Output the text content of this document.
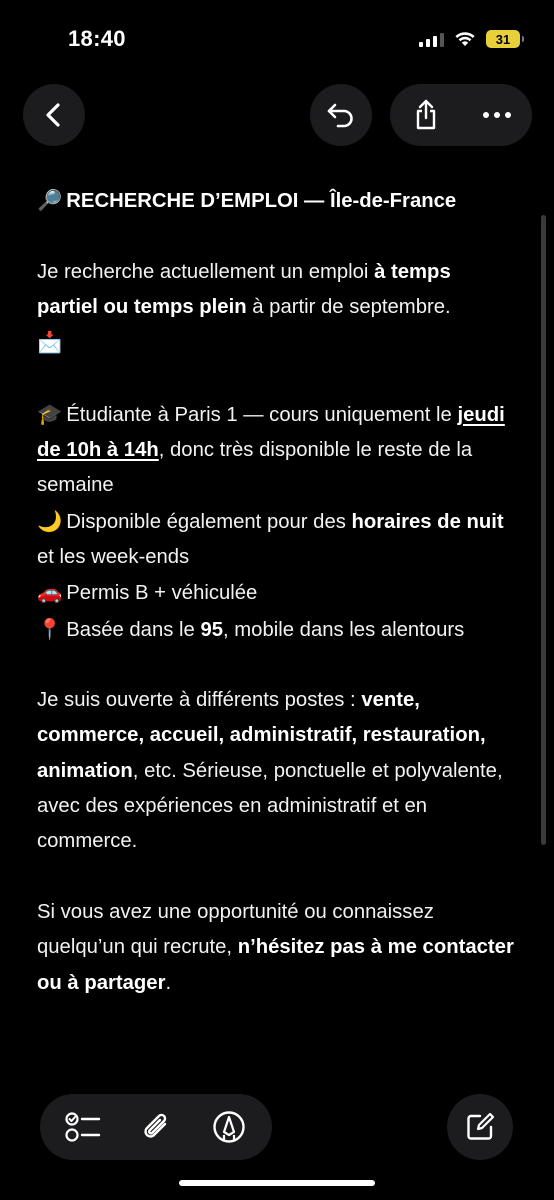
18:40	31

🔎 RECHERCHE D’EMPLOI — Île-de-France

Je recherche actuellement un emploi à temps partiel ou temps plein à partir de septembre.
📩

🎓 Étudiante à Paris 1 — cours uniquement le jeudi de 10h à 14h, donc très disponible le reste de la semaine

🌙 Disponible également pour des horaires de nuit et les week-ends

🚗 Permis B + véhiculée

📍 Basée dans le 95, mobile dans les alentours

Je suis ouverte à différents postes : vente, commerce, accueil, administratif, restauration, animation, etc. Sérieuse, ponctuelle et polyvalente, avec des expériences en administratif et en commerce.

Si vous avez une opportunité ou connaissez quelqu’un qui recrute, n’hésitez pas à me contacter ou à partager.
